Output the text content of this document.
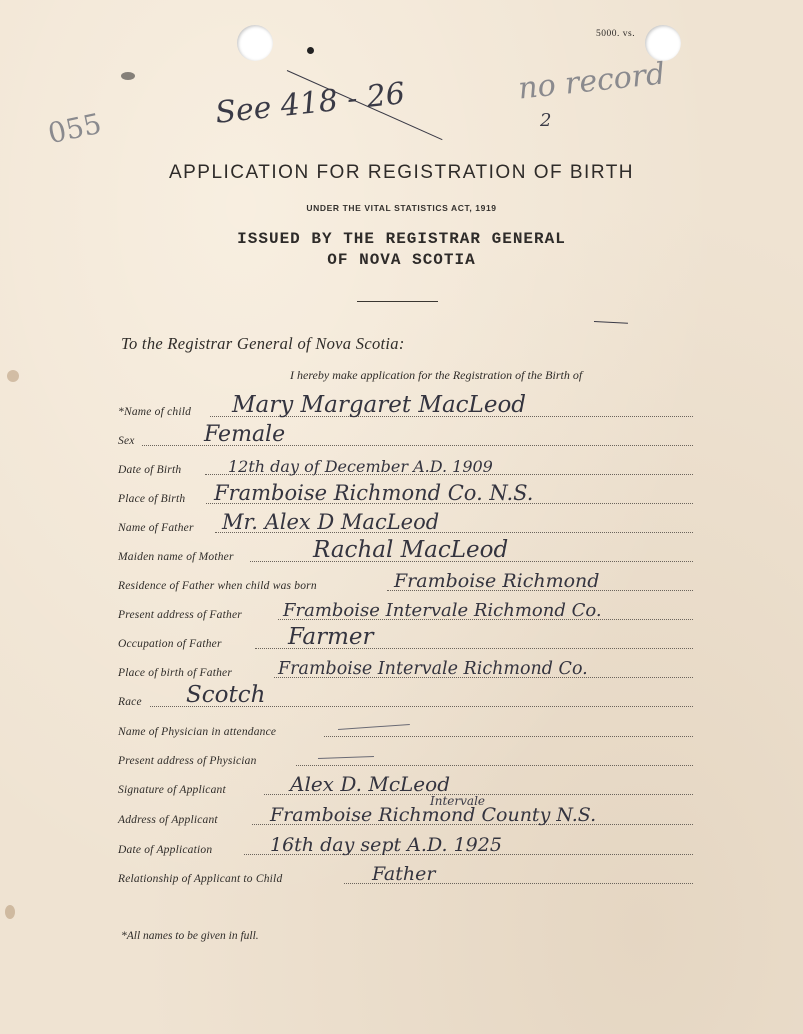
5000. vs.
055	See 418 - 26	no record
2
APPLICATION FOR REGISTRATION OF BIRTH
UNDER THE VITAL STATISTICS ACT, 1919
ISSUED BY THE REGISTRAR GENERAL
OF NOVA SCOTIA
To the Registrar General of Nova Scotia:
I hereby make application for the Registration of the Birth of
*Name of child Mary Margaret MacLeod
Sex	Female
Date of Birth	12th day of December A.D. 1909
Place of Birth Framboise Richmond Co. N.S.
Name of Father Mr. Alex D MacLeod
Maiden name of Mother	Rachal MacLeod
Residence of Father when child was born	Framboise Richmond
Present address of Father Framboise Intervale Richmond Co.
Occupation of Father	Farmer
Place of birth of Father	Framboise Intervale Richmond Co.
Race Scotch
Name of Physician in attendance
Present address of Physician
Signature of Applicant	Alex D. McLeod
Intervale
Address of Applicant	Framboise Richmond County N.S.
Date of Application	16th day sept A.D. 1925
Relationship of Applicant to Child	Father
*All names to be given in full.
